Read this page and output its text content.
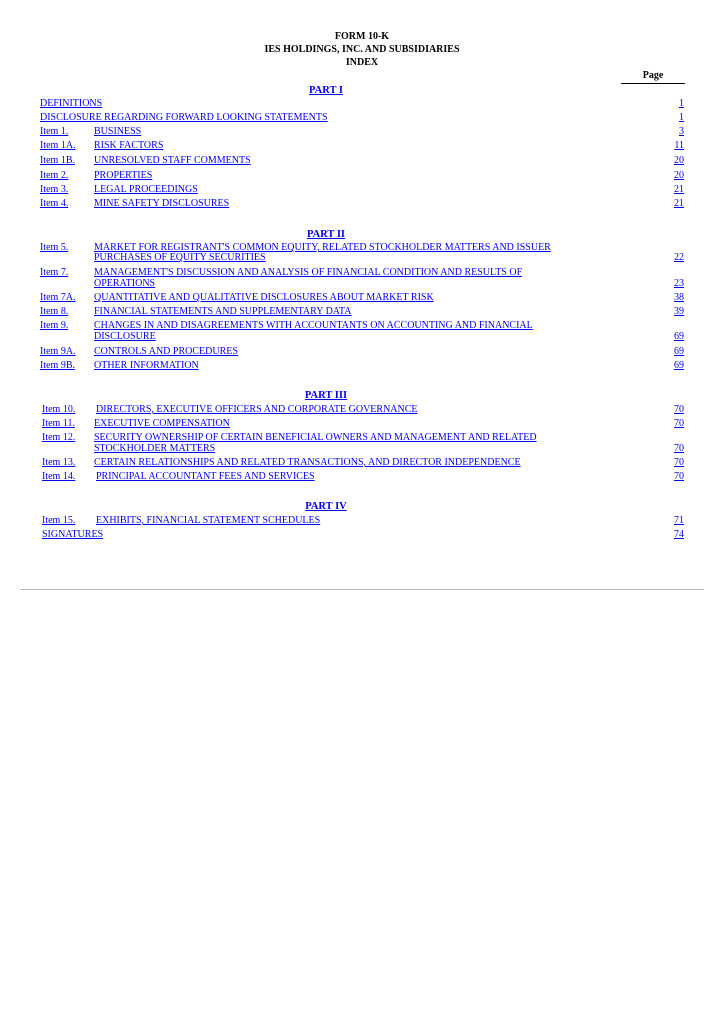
FORM 10-K
IES HOLDINGS, INC. AND SUBSIDIARIES
INDEX
Page
PART I
DEFINITIONS	1
DISCLOSURE REGARDING FORWARD LOOKING STATEMENTS	1
Item 1.	BUSINESS	3
Item 1A. RISK FACTORS	11
Item 1B. UNRESOLVED STAFF COMMENTS	20
Item 2.	PROPERTIES	20
Item 3.	LEGAL PROCEEDINGS	21
Item 4.	MINE SAFETY DISCLOSURES	21
PART II
Item 5.	MARKET FOR REGISTRANT'S COMMON EQUITY, RELATED STOCKHOLDER MATTERS AND ISSUER
PURCHASES OF EQUITY SECURITIES	22
Item 7.	MANAGEMENT'S DISCUSSION AND ANALYSIS OF FINANCIAL CONDITION AND RESULTS OF
OPERATIONS	23
Item 7A. QUANTITATIVE AND QUALITATIVE DISCLOSURES ABOUT MARKET RISK	38
Item 8.	FINANCIAL STATEMENTS AND SUPPLEMENTARY DATA	39
Item 9.	CHANGES IN AND DISAGREEMENTS WITH ACCOUNTANTS ON ACCOUNTING AND FINANCIAL
DISCLOSURE	69
Item 9A. CONTROLS AND PROCEDURES	69
Item 9B. OTHER INFORMATION	69
PART III
Item 10. DIRECTORS, EXECUTIVE OFFICERS AND CORPORATE GOVERNANCE	70
Item 11. EXECUTIVE COMPENSATION	70
Item 12. SECURITY OWNERSHIP OF CERTAIN BENEFICIAL OWNERS AND MANAGEMENT AND RELATED
STOCKHOLDER MATTERS	70
Item 13. CERTAIN RELATIONSHIPS AND RELATED TRANSACTIONS, AND DIRECTOR INDEPENDENCE	70
Item 14. PRINCIPAL ACCOUNTANT FEES AND SERVICES	70
PART IV
Item 15. EXHIBITS, FINANCIAL STATEMENT SCHEDULES	71
SIGNATURES	74
